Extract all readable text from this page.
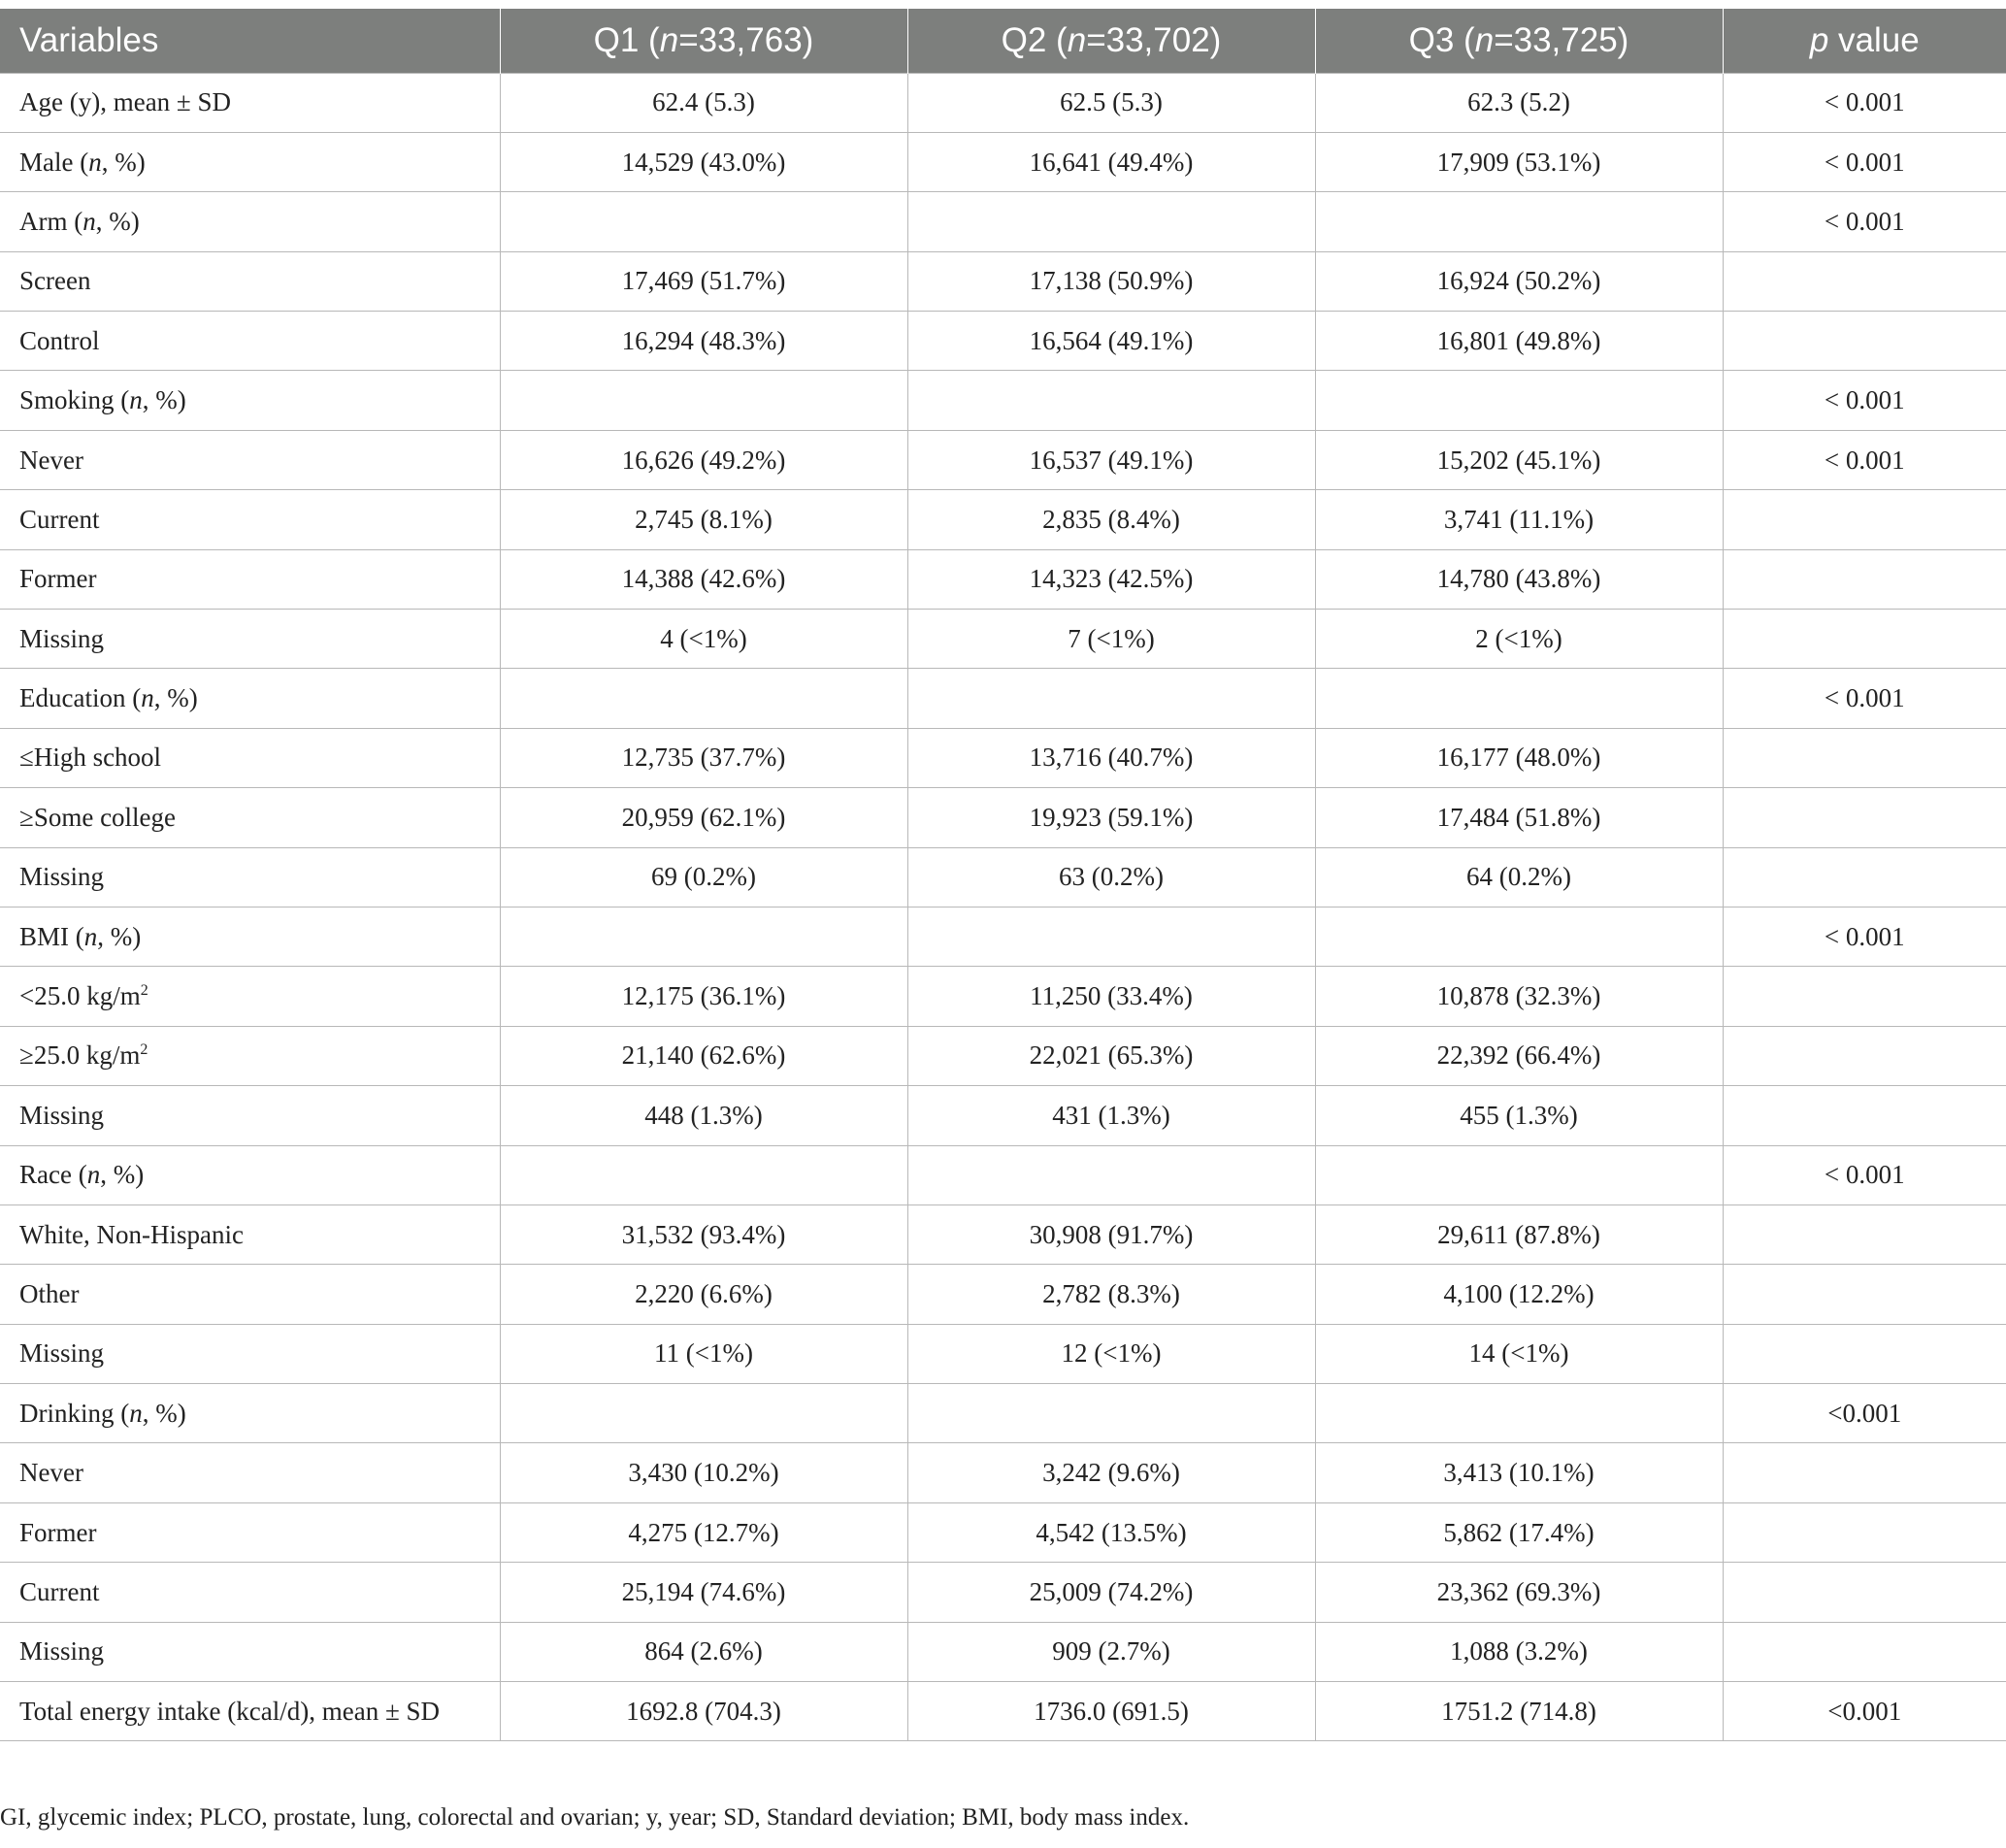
Variables	Q1 (n=33,763)	Q2 (n=33,702)	Q3 (n=33,725)	p value
Age (y), mean ± SD	62.4 (5.3)	62.5 (5.3)	62.3 (5.2)	< 0.001
Male (n, %)	14,529 (43.0%)	16,641 (49.4%)	17,909 (53.1%)	< 0.001
Arm (n, %)				< 0.001
Screen	17,469 (51.7%)	17,138 (50.9%)	16,924 (50.2%)	
Control	16,294 (48.3%)	16,564 (49.1%)	16,801 (49.8%)	
Smoking (n, %)				< 0.001
Never	16,626 (49.2%)	16,537 (49.1%)	15,202 (45.1%)	< 0.001
Current	2,745 (8.1%)	2,835 (8.4%)	3,741 (11.1%)	
Former	14,388 (42.6%)	14,323 (42.5%)	14,780 (43.8%)	
Missing	4 (<1%)	7 (<1%)	2 (<1%)	
Education (n, %)				< 0.001
≤High school	12,735 (37.7%)	13,716 (40.7%)	16,177 (48.0%)	
≥Some college	20,959 (62.1%)	19,923 (59.1%)	17,484 (51.8%)	
Missing	69 (0.2%)	63 (0.2%)	64 (0.2%)	
BMI (n, %)				< 0.001
<25.0 $kg/m^2$	12,175 (36.1%)	11,250 (33.4%)	10,878 (32.3%)	
≥25.0 $kg/m^2$	21,140 (62.6%)	22,021 (65.3%)	22,392 (66.4%)	
Missing	448 (1.3%)	431 (1.3%)	455 (1.3%)	
Race (n, %)				< 0.001
White, Non-Hispanic	31,532 (93.4%)	30,908 (91.7%)	29,611 (87.8%)	
Other	2,220 (6.6%)	2,782 (8.3%)	4,100 (12.2%)	
Missing	11 (<1%)	12 (<1%)	14 (<1%)	
Drinking (n, %)				<0.001
Never	3,430 (10.2%)	3,242 (9.6%)	3,413 (10.1%)	
Former	4,275 (12.7%)	4,542 (13.5%)	5,862 (17.4%)	
Current	25,194 (74.6%)	25,009 (74.2%)	23,362 (69.3%)	
Missing	864 (2.6%)	909 (2.7%)	1,088 (3.2%)	
Total energy intake (kcal/d), mean ± SD	1692.8 (704.3)	1736.0 (691.5)	1751.2 (714.8)	<0.001
GI, glycemic index; PLCO, prostate, lung, colorectal and ovarian; y, year; SD, Standard deviation; BMI, body mass index.
